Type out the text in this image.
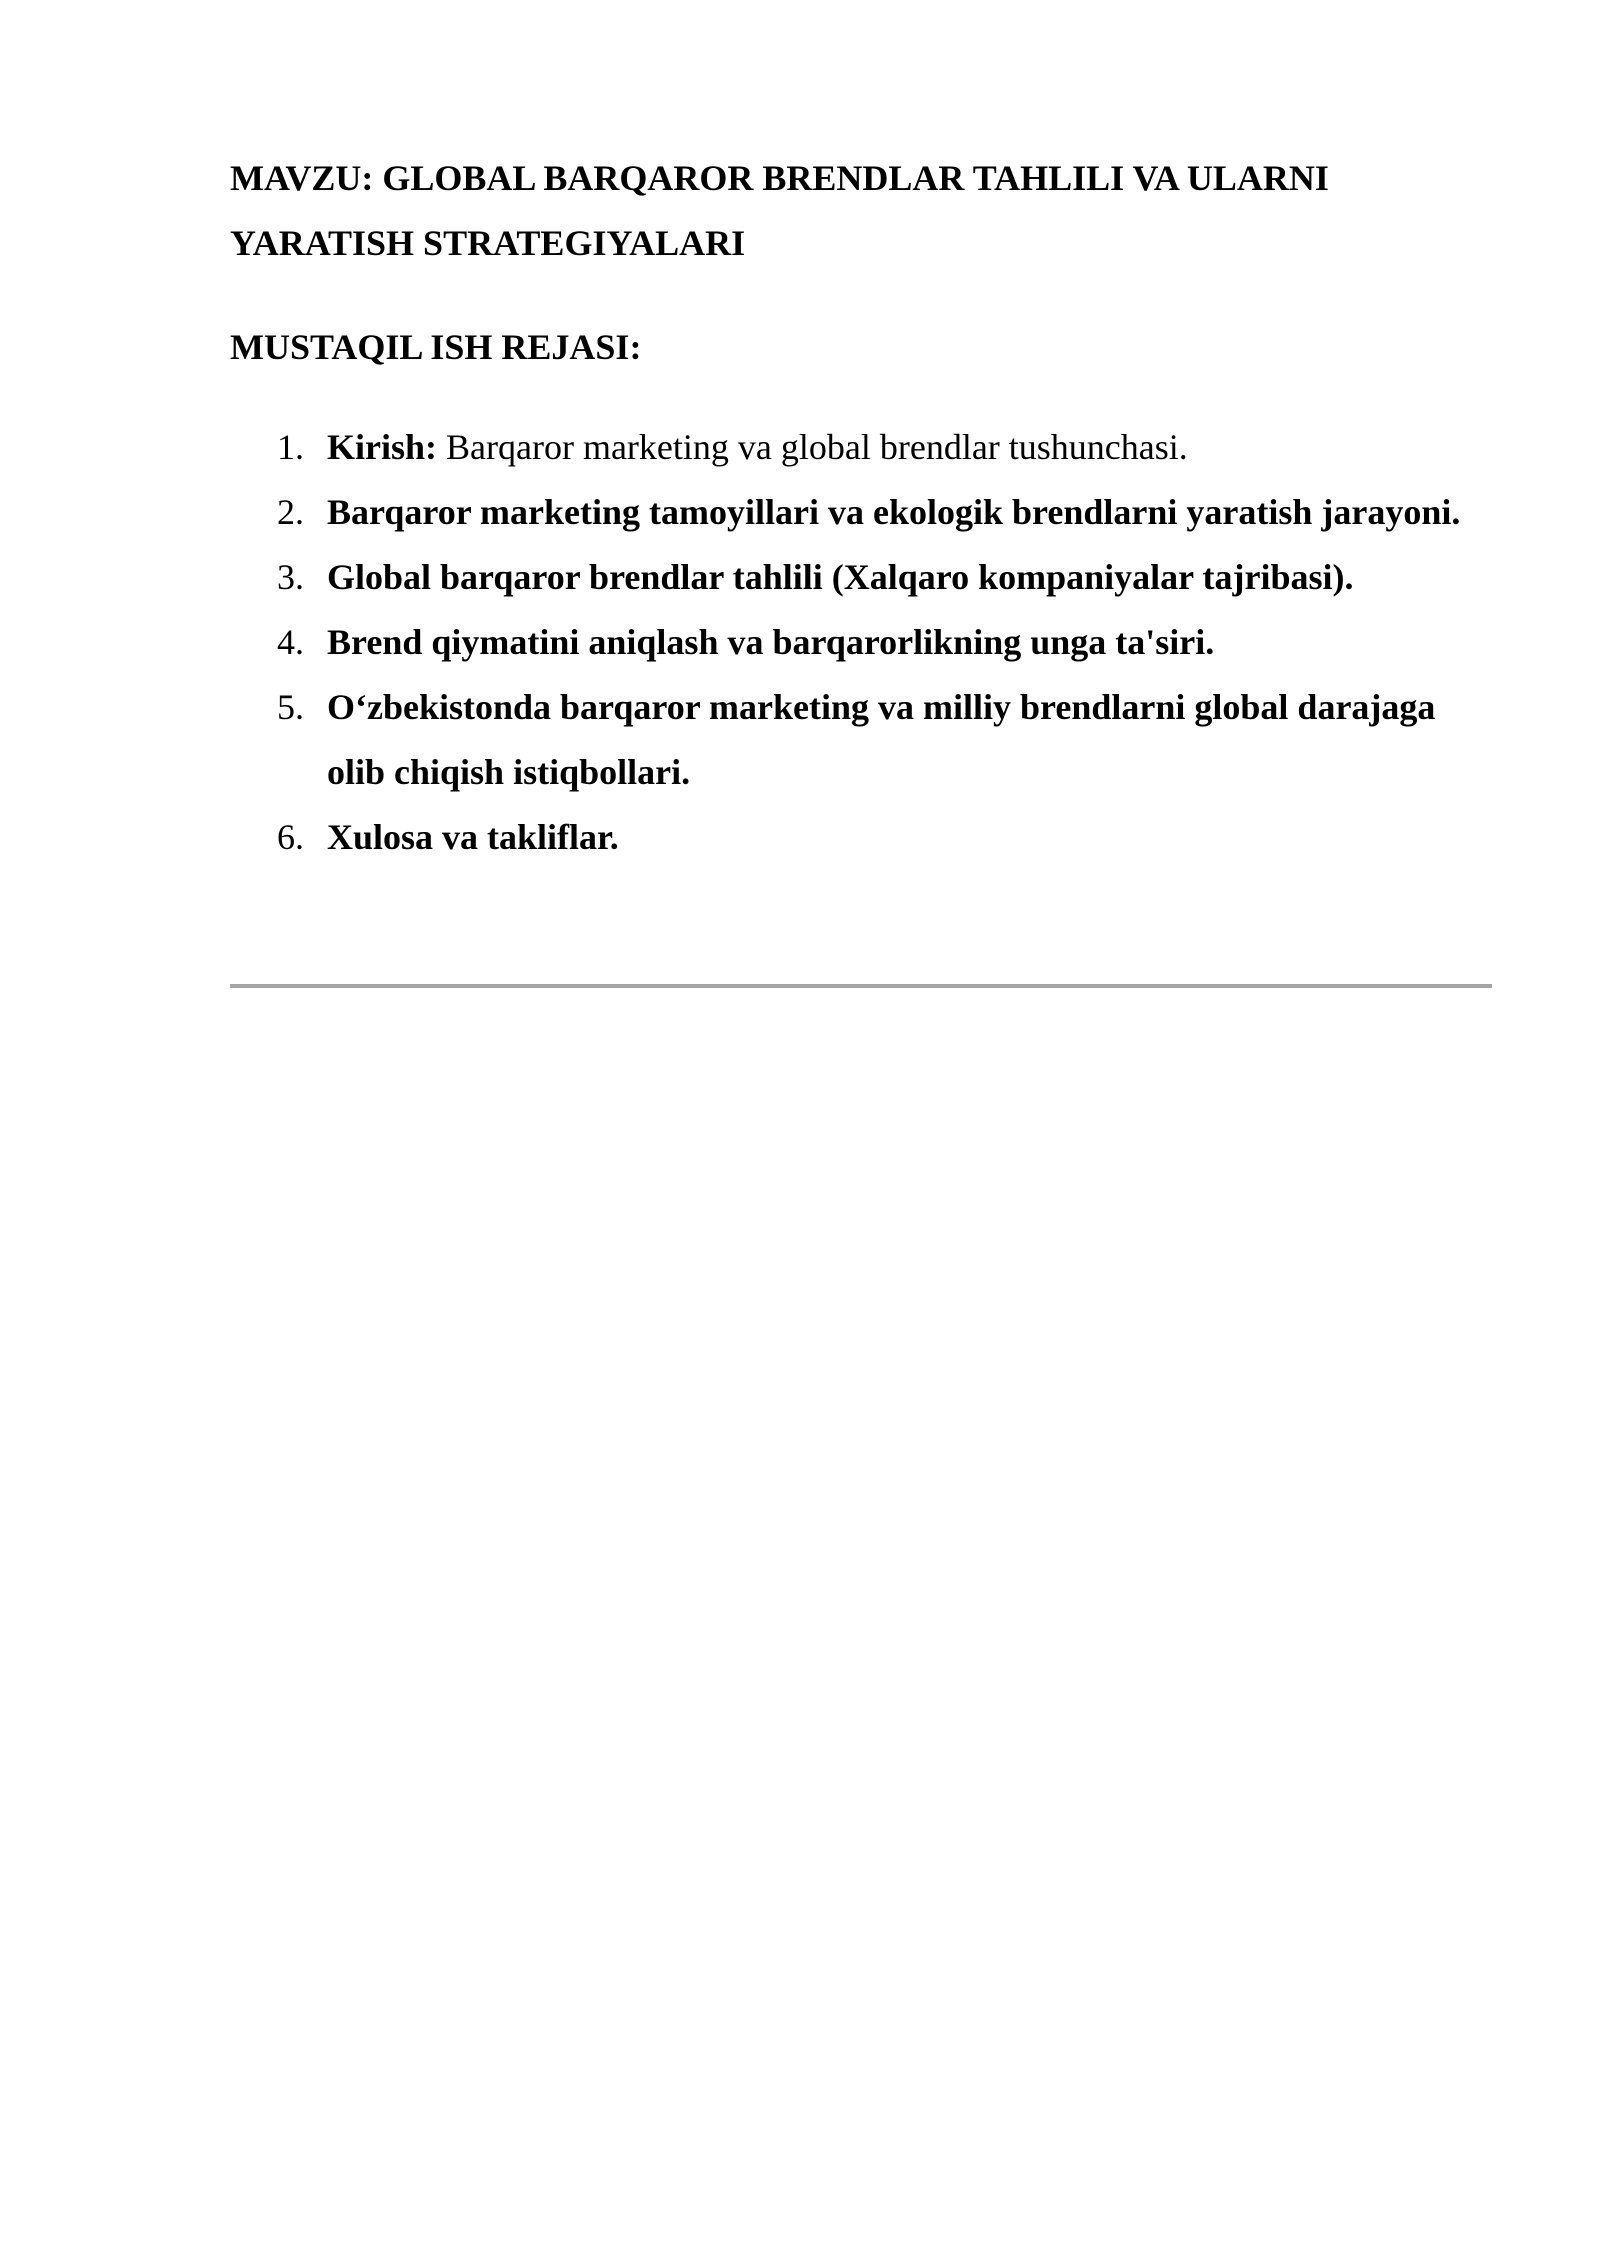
MAVZU: GLOBAL BARQAROR BRENDLAR TAHLILI VA ULARNI YARATISH STRATEGIYALARI
MUSTAQIL ISH REJASI:
1. Kirish: Barqaror marketing va global brendlar tushunchasi.
2. Barqaror marketing tamoyillari va ekologik brendlarni yaratish jarayoni.
3. Global barqaror brendlar tahlili (Xalqaro kompaniyalar tajribasi).
4. Brend qiymatini aniqlash va barqarorlikning unga ta'siri.
5. O‘zbekistonda barqaror marketing va milliy brendlarni global darajaga olib chiqish istiqbollari.
6. Xulosa va takliflar.
